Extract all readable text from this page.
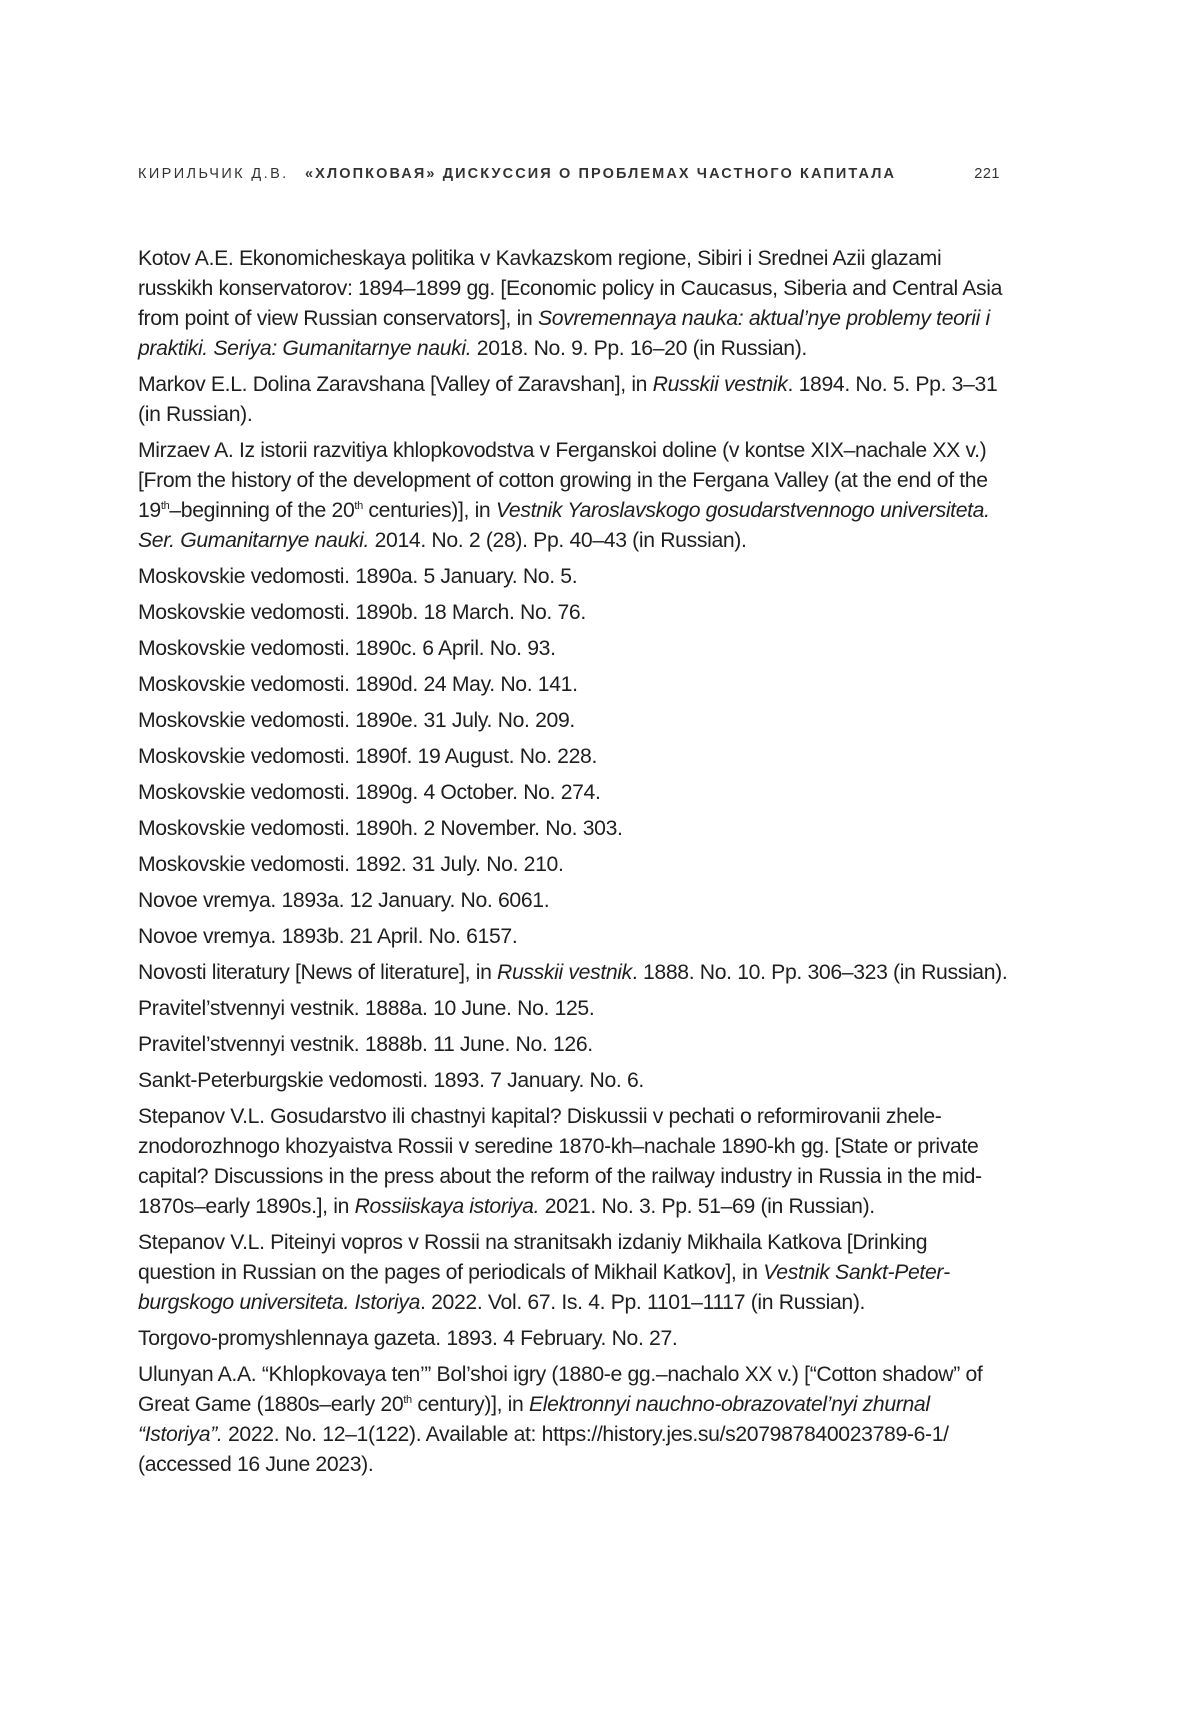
КИРИЛЬЧИК Д.В. «ХЛОПКОВАЯ» ДИСКУССИЯ О ПРОБЛЕМАХ ЧАСТНОГО КАПИТАЛА	221
Kotov A.E. Ekonomicheskaya politika v Kavkazskom regione, Sibiri i Srednei Azii glazami russkikh konservatorov: 1894–1899 gg. [Economic policy in Caucasus, Siberia and Central Asia from point of view Russian conservators], in Sovremennaya nauka: aktual’nye prob­lemy teorii i praktiki. Seriya: Gumanitarnye nauki. 2018. No. 9. Pp. 16–20 (in Russian).
Markov E.L. Dolina Zaravshana [Valley of Zaravshan], in Russkii vestnik. 1894. No. 5. Pp. 3–31 (in Russian).
Mirzaev A. Iz istorii razvitiya khlopkovodstva v Ferganskoi doline (v kontse XIX–nachale XX v.) [From the history of the development of cotton growing in the Fergana Valley (at the end of the 19th–beginning of the 20th centuries)], in Vestnik Yaroslavskogo gosudarstven­nogo universiteta. Ser. Gumanitarnye nauki. 2014. No. 2 (28). Pp. 40–43 (in Russian).
Moskovskie vedomosti. 1890a. 5 January. No. 5.
Moskovskie vedomosti. 1890b. 18 March. No. 76.
Moskovskie vedomosti. 1890c. 6 April. No. 93.
Moskovskie vedomosti. 1890d. 24 May. No. 141.
Moskovskie vedomosti. 1890e. 31 July. No. 209.
Moskovskie vedomosti. 1890f. 19 August. No. 228.
Moskovskie vedomosti. 1890g. 4 October. No. 274.
Moskovskie vedomosti. 1890h. 2 November. No. 303.
Moskovskie vedomosti. 1892. 31 July. No. 210.
Novoe vremya. 1893a. 12 January. No. 6061.
Novoe vremya. 1893b. 21 April. No. 6157.
Novosti literatury [News of literature], in Russkii vestnik. 1888. No. 10. Pp. 306–323 (in Russian).
Pravitel’stvennyi vestnik. 1888a. 10 June. No. 125.
Pravitel’stvennyi vestnik. 1888b. 11 June. No. 126.
Sankt-Peterburgskie vedomosti. 1893. 7 January. No. 6.
Stepanov V.L. Gosudarstvo ili chastnyi kapital? Diskussii v pechati o reformirovanii zhele­znodorozhnogo khozyaistva Rossii v seredine 1870-kh–nachale 1890-kh gg. [State or pri­vate capital? Discussions in the press about the reform of the railway industry in Russia in the mid-1870s–early 1890s.], in Rossiiskaya istoriya. 2021. No. 3. Pp. 51–69 (in Russian).
Stepanov V.L. Piteinyi vopros v Rossii na stranitsakh izdaniy Mikhaila Katkova [Drinking question in Russian on the pages of periodicals of Mikhail Katkov], in Vestnik Sankt-Peter­burgskogo universiteta. Istoriya. 2022. Vol. 67. Is. 4. Pp. 1101–1117 (in Russian).
Torgovo-promyshlennaya gazeta. 1893. 4 February. No. 27.
Ulunyan A.A. “Khlopkovaya ten’” Bol’shoi igry (1880-e gg.–nachalo XX v.) [“Cotton shadow” of Great Game (1880s–early 20th century)], in Elektronnyi nauchno-obrazovatel’nyi zhurnal “Istoriya”. 2022. No. 12–1(122). Available at: https://history.jes.su/s207987840023789-6-1/ (accessed 16 June 2023).
